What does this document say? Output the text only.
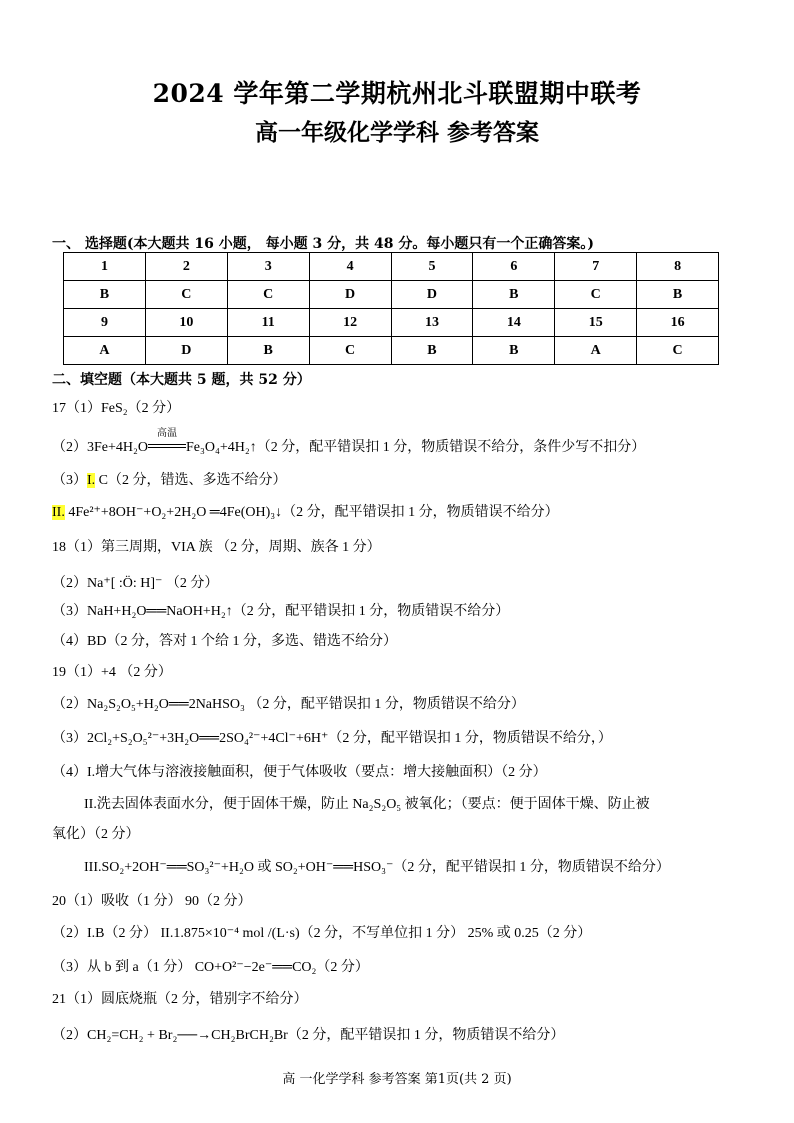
2024 学年第二学期杭州北斗联盟期中联考
高一年级化学学科 参考答案
一、 选择题(本大题共 16 小题， 每小题 3 分，共 48 分。每小题只有一个正确答案。)
1	2	3	4	5	6	7	8
B	C	C	D	D	B	C	B
9	10	11	12	13	14	15	16
A	D	B	C	B	B	A	C
二、填空题（本大题共 5 题，共 52 分）
17（1）FeS₂（2 分）
（2）3Fe+4H₂O
高温
Fe₃O₄+4H₂↑（2 分，配平错误扣 1 分，物质错误不给分，条件少写不扣分）
（3）I. C（2 分，错选、多选不给分）
II. 4Fe²⁺+8OH⁻+O₂+2H₂O ═4Fe(OH)₃↓（2 分，配平错误扣 1 分，物质错误不给分）
18（1）第三周期，VIA 族 （2 分，周期、族各 1 分）
（2）Na⁺[ :Ö: H]⁻ （2 分）
（3）NaH+H₂O══NaOH+H₂↑（2 分，配平错误扣 1 分，物质错误不给分）
（4）BD（2 分，答对 1 个给 1 分，多选、错选不给分）
19（1）+4 （2 分）
（2）Na₂S₂O₅+H₂O══2NaHSO₃ （2 分，配平错误扣 1 分，物质错误不给分）
（3）2Cl₂+S₂O₅²⁻+3H₂O══2SO₄²⁻+4Cl⁻+6H⁺（2 分，配平错误扣 1 分，物质错误不给分，）
（4）I.增大气体与溶液接触面积，便于气体吸收（要点：增大接触面积）（2 分）
II.洗去固体表面水分，便于固体干燥，防止 Na₂S₂O₅ 被氧化；（要点：便于固体干燥、防止被
氧化）（2 分）
III.SO₂+2OH⁻══SO₃²⁻+H₂O 或 SO₂+OH⁻══HSO₃⁻（2 分，配平错误扣 1 分，物质错误不给分）
20（1）吸收（1 分） 90（2 分）
（2）I.B（2 分） II.1.875×10⁻⁴ mol /(L·s)（2 分，不写单位扣 1 分） 25% 或 0.25（2 分）
（3）从 b 到 a（1 分） CO+O²⁻−2e⁻══CO₂（2 分）
21（1）圆底烧瓶（2 分，错别字不给分）
（2）CH₂=CH₂ + Br₂──→CH₂BrCH₂Br（2 分，配平错误扣 1 分，物质错误不给分）
高 一化学学科 参考答案 第1页(共 2 页)
